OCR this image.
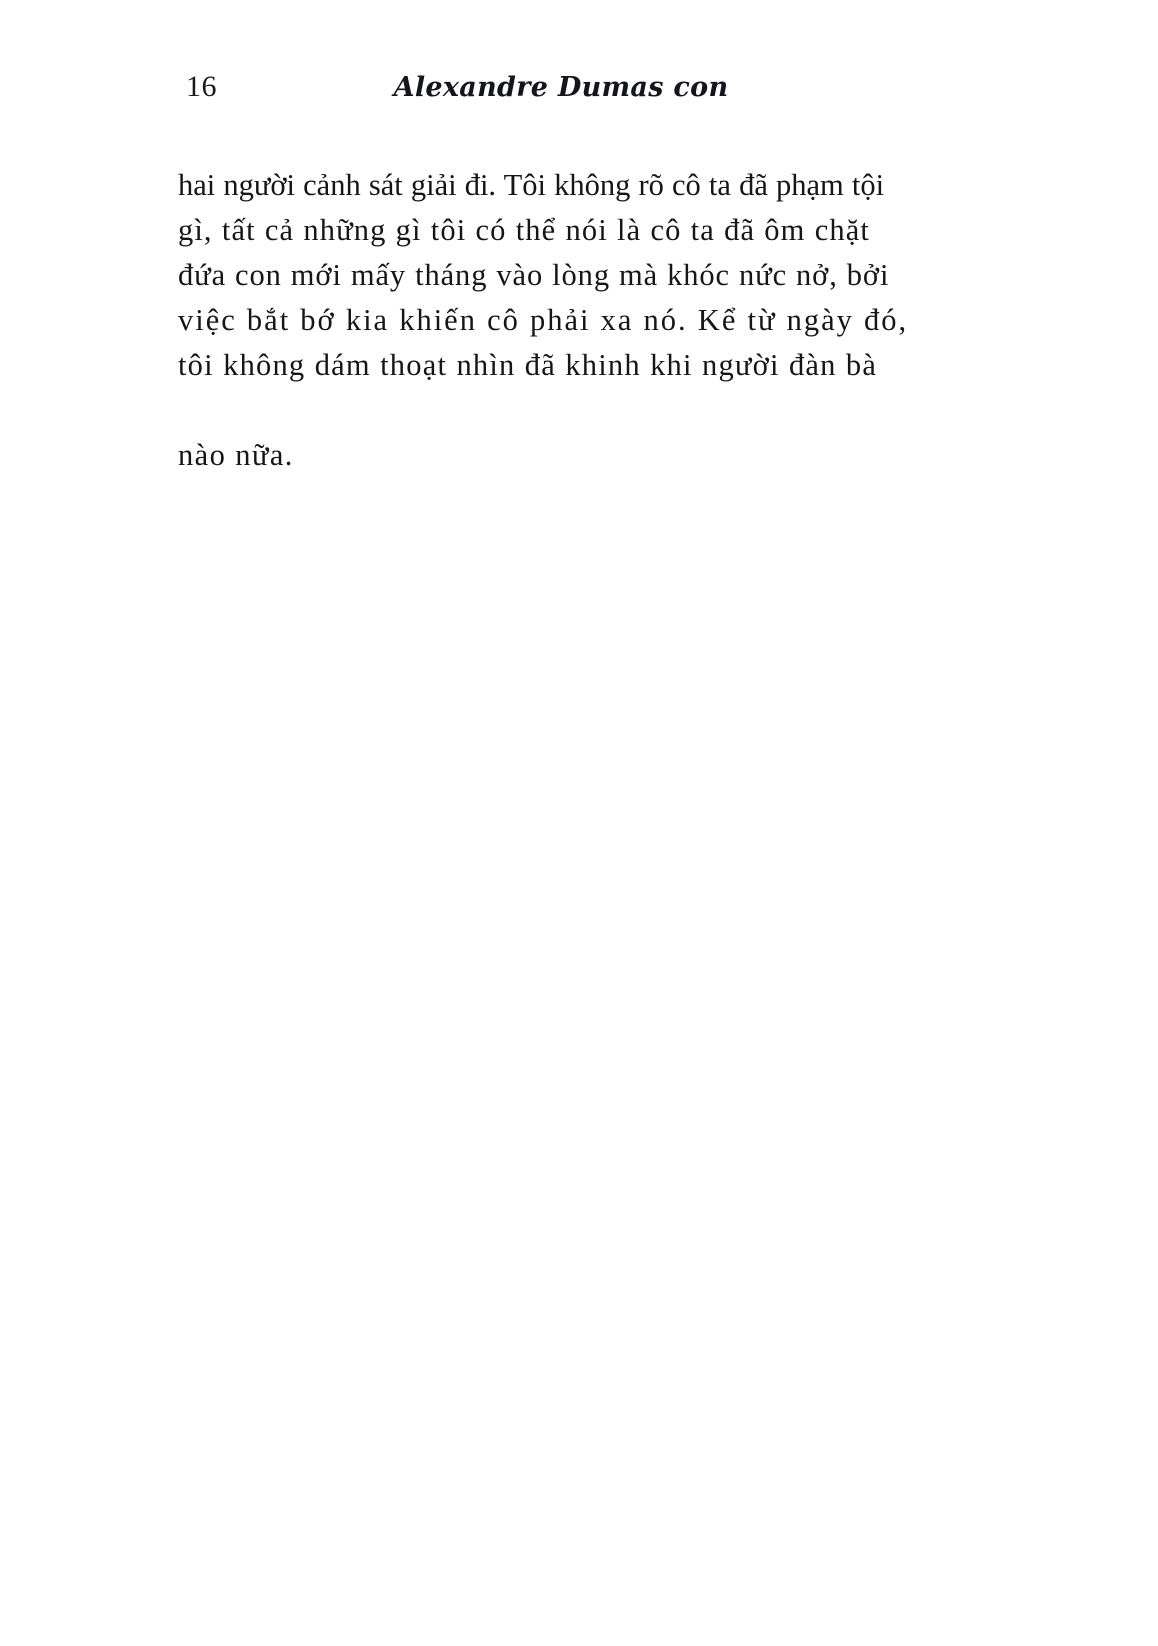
16	Alexandre Dumas con

hai người cảnh sát giải đi. Tôi không rõ cô ta đã phạm tội
gì, tất cả những gì tôi có thể nói là cô ta đã ôm chặt
đứa con mới mấy tháng vào lòng mà khóc nức nở, bởi
việc bắt bớ kia khiến cô phải xa nó. Kể từ ngày đó,
tôi không dám thoạt nhìn đã khinh khi người đàn bà

nào nữa.
